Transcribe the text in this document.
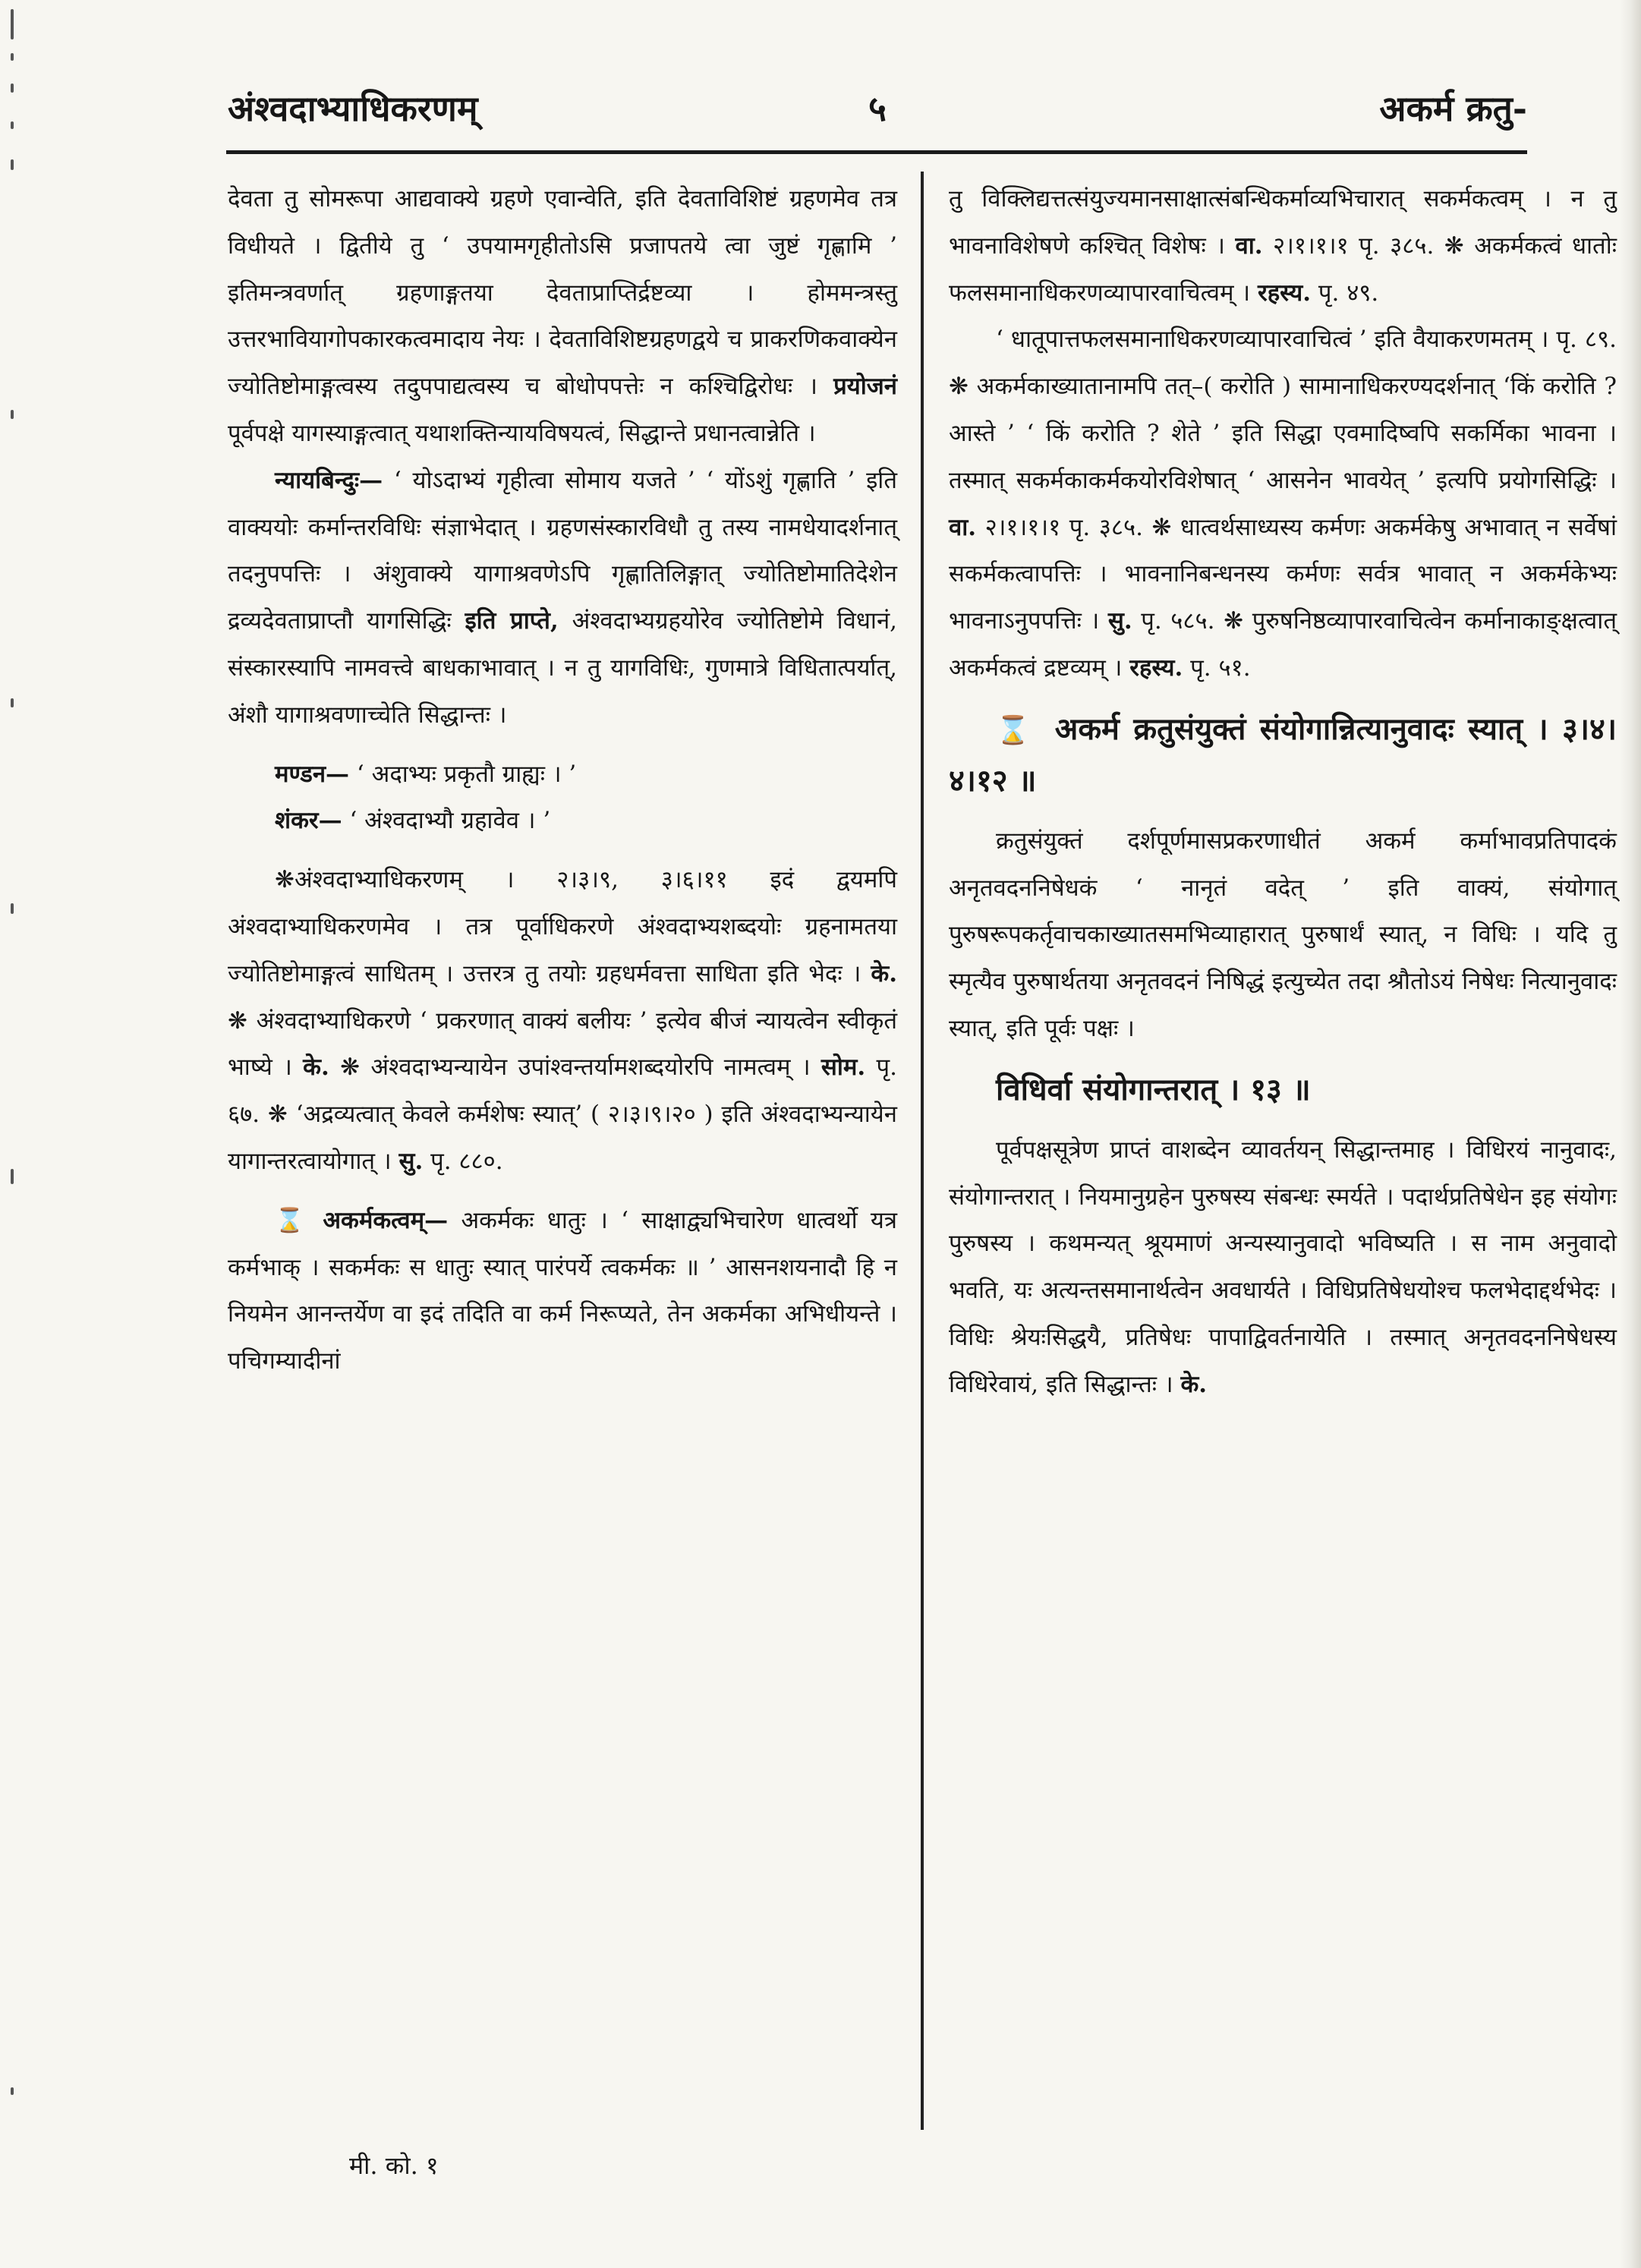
अंश्वदाभ्याधिकरणम्	५	अकर्म क्रतु-

देवता तु सोमरूपा आद्यवाक्ये ग्रहणे एवान्वेति, इति देवताविशिष्टं ग्रहणमेव तत्र विधीयते । द्वितीये तु ‘ उपयामगृहीतोऽसि प्रजापतये त्वा जुष्टं गृह्णामि ’ इतिमन्त्रवर्णात् ग्रहणाङ्गतया देवताप्राप्तिर्द्रष्टव्या । होममन्त्रस्तु उत्तरभावियागोपकारकत्वमादाय नेयः । देवताविशिष्टग्रहणद्वये च प्राकरणिकवाक्येन ज्योतिष्टोमाङ्गत्वस्य तदुपपाद्यत्वस्य च बोधोपपत्तेः न कश्चिद्विरोधः । प्रयोजनं पूर्वपक्षे यागस्याङ्गत्वात् यथाशक्तिन्यायविषयत्वं, सिद्धान्ते प्रधानत्वान्नेति ।

न्यायबिन्दुः— ‘ योऽदाभ्यं गृहीत्वा सोमाय यजते ’ ‘ योंऽशुं गृह्णाति ’ इति वाक्ययोः कर्मान्तरविधिः संज्ञाभेदात् । ग्रहणसंस्कारविधौ तु तस्य नामधेयादर्शनात् तदनुपपत्तिः । अंशुवाक्ये यागाश्रवणेऽपि गृह्णातिलिङ्गात् ज्योतिष्टोमातिदेशेन द्रव्यदेवताप्राप्तौ यागसिद्धिः इति प्राप्ते, अंश्वदाभ्यग्रहयोरेव ज्योतिष्टोमे विधानं, संस्कारस्यापि नामवत्त्वे बाधकाभावात् । न तु यागविधिः, गुणमात्रे विधितात्पर्यात्, अंशौ यागाश्रवणाच्चेति सिद्धान्तः ।

मण्डन— ‘ अदाभ्यः प्रकृतौ ग्राह्यः । ’

शंकर— ‘ अंश्वदाभ्यौ ग्रहावेव । ’

❋अंश्वदाभ्याधिकरणम् । २।३।९, ३।६।११ इदं द्वयमपि अंश्वदाभ्याधिकरणमेव । तत्र पूर्वाधिकरणे अंश्वदाभ्यशब्दयोः ग्रहनामतया ज्योतिष्टोमाङ्गत्वं साधितम् । उत्तरत्र तु तयोः ग्रहधर्मवत्ता साधिता इति भेदः । के. ❋ अंश्वदाभ्याधिकरणे ‘ प्रकरणात् वाक्यं बलीयः ’ इत्येव बीजं न्यायत्वेन स्वीकृतं भाष्ये । के. ❋ अंश्वदाभ्यन्यायेन उपांश्वन्तर्यामशब्दयोरपि नामत्वम् । सोम. पृ. ६७. ❋ ‘अद्रव्यत्वात् केवले कर्मशेषः स्यात्’ ( २।३।९।२० ) इति अंश्वदाभ्यन्यायेन यागान्तरत्वायोगात् । सु. पृ. ८८०.

⌛ अकर्मकत्वम्— अकर्मकः धातुः । ‘ साक्षाद्व्यभिचारेण धात्वर्थो यत्र कर्मभाक् । सकर्मकः स धातुः स्यात् पारंपर्ये त्वकर्मकः ॥ ’ आसनशयनादौ हि न नियमेन आनन्तर्येण वा इदं तदिति वा कर्म निरूप्यते, तेन अकर्मका अभिधीयन्ते । पचिगम्यादीनां

तु विक्लिद्यत्तत्संयुज्यमानसाक्षात्संबन्धिकर्माव्यभिचारात् सकर्मकत्वम् । न तु भावनाविशेषणे कश्चित् विशेषः । वा. २।१।१।१ पृ. ३८५. ❋ अकर्मकत्वं धातोः फलसमानाधिकरणव्यापारवाचित्वम् । रहस्य. पृ. ४९.

‘ धातूपात्तफलसमानाधिकरणव्यापारवाचित्वं ’ इति वैयाकरणमतम् । पृ. ८९. ❋ अकर्मकाख्यातानामपि तत्–( करोति ) सामानाधिकरण्यदर्शनात् ‘किं करोति ? आस्ते ’ ‘ किं करोति ? शेते ’ इति सिद्धा एवमादिष्वपि सकर्मिका भावना । तस्मात् सकर्मकाकर्मकयोरविशेषात् ‘ आसनेन भावयेत् ’ इत्यपि प्रयोगसिद्धिः । वा. २।१।१।१ पृ. ३८५. ❋ धात्वर्थसाध्यस्य कर्मणः अकर्मकेषु अभावात् न सर्वेषां सकर्मकत्वापत्तिः । भावनानिबन्धनस्य कर्मणः सर्वत्र भावात् न अकर्मकेभ्यः भावनाऽनुपपत्तिः । सु. पृ. ५८५. ❋ पुरुषनिष्ठव्यापारवाचित्वेन कर्मानाकाङ्क्षत्वात् अकर्मकत्वं द्रष्टव्यम् । रहस्य. पृ. ५१.

⌛ अकर्म क्रतुसंयुक्तं संयोगान्नित्यानुवादः स्यात् । ३।४।४।१२ ॥

क्रतुसंयुक्तं दर्शपूर्णमासप्रकरणाधीतं अकर्म कर्माभावप्रतिपादकं अनृतवदननिषेधकं ‘ नानृतं वदेत् ’ इति वाक्यं, संयोगात् पुरुषरूपकर्तृवाचकाख्यातसमभिव्याहारात् पुरुषार्थं स्यात्, न विधिः । यदि तु स्मृत्यैव पुरुषार्थतया अनृतवदनं निषिद्धं इत्युच्येत तदा श्रौतोऽयं निषेधः नित्यानुवादः स्यात्, इति पूर्वः पक्षः ।

विधिर्वा संयोगान्तरात् । १३ ॥

पूर्वपक्षसूत्रेण प्राप्तं वाशब्देन व्यावर्तयन् सिद्धान्तमाह । विधिरयं नानुवादः, संयोगान्तरात् । नियमानुग्रहेन पुरुषस्य संबन्धः स्मर्यते । पदार्थप्रतिषेधेन इह संयोगः पुरुषस्य । कथमन्यत् श्रूयमाणं अन्यस्यानुवादो भविष्यति । स नाम अनुवादो भवति, यः अत्यन्तसमानार्थत्वेन अवधार्यते । विधिप्रतिषेधयोश्च फलभेदाद्दर्थभेदः । विधिः श्रेयःसिद्धयै, प्रतिषेधः पापाद्विवर्तनायेति । तस्मात् अनृतवदननिषेधस्य विधिरेवायं, इति सिद्धान्तः । के.

मी. को. १
